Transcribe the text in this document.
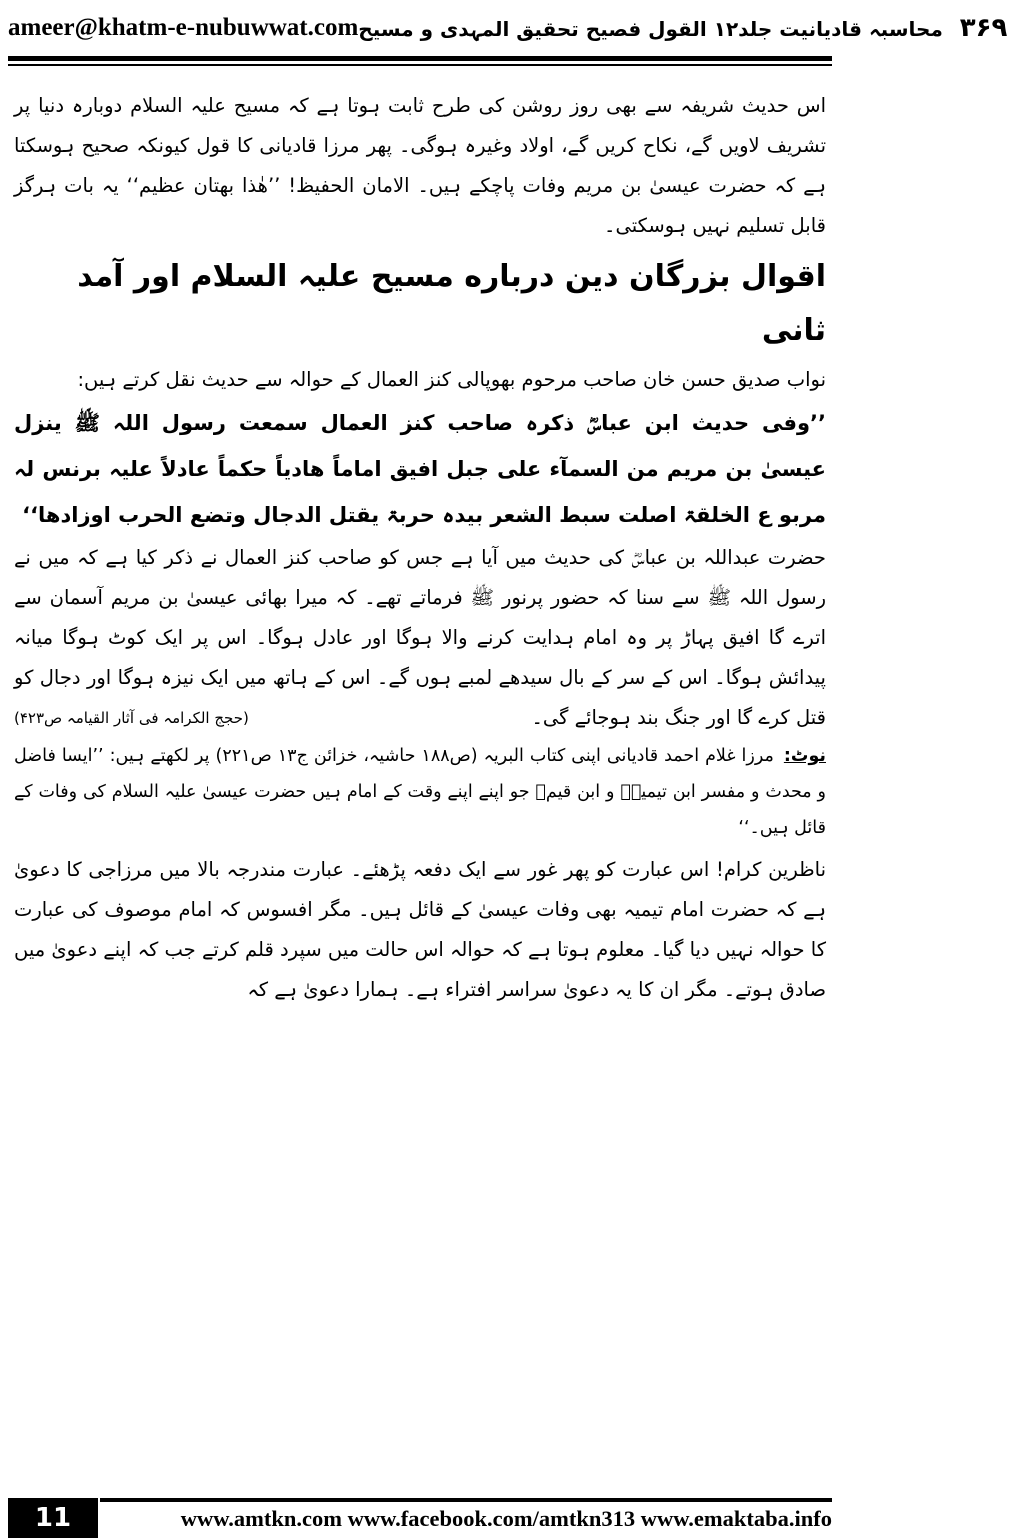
ameer@khatm-e-nubuwwat.com	۳۶۹ محاسبہ قادیانیت جلد۱۲ القول فصیح تحقیق المہدی و مسیح

اس حدیث شریفہ سے بھی روز روشن کی طرح ثابت ہوتا ہے کہ مسیح علیہ السلام دوبارہ دنیا پر تشریف لاویں گے، نکاح کریں گے، اولاد وغیرہ ہوگی۔ پھر مرزا قادیانی کا قول کیونکہ صحیح ہوسکتا ہے کہ حضرت عیسیٰ بن مریم وفات پاچکے ہیں۔ الامان الحفیظ! ’’ھٰذا بھتان عظیم‘‘ یہ بات ہرگز قابل تسلیم نہیں ہوسکتی۔

اقوال بزرگان دین درباره مسیح علیہ السلام اور آمد ثانی

نواب صدیق حسن خان صاحب مرحوم بھوپالی کنز العمال کے حوالہ سے حدیث نقل کرتے ہیں:

’’وفی حدیث ابن عباسؓ ذکرہ صاحب کنز العمال سمعت رسول اللہ ﷺ ینزل عیسیٰ بن مریم من السمآء علی جبل افیق اماماً ھادیاً حکماً عادلاً علیہ برنس لہ مربو ع الخلقۃ اصلت سبط الشعر بیدہ حربۃ یقتل الدجال وتضع الحرب اوزادھا‘‘

حضرت عبداللہ بن عباسؓ کی حدیث میں آیا ہے جس کو صاحب کنز العمال نے ذکر کیا ہے کہ میں نے رسول اللہ ﷺ سے سنا کہ حضور پرنور ﷺ فرماتے تھے۔ کہ میرا بھائی عیسیٰ بن مریم آسمان سے اترے گا افیق پہاڑ پر وہ امام ہدایت کرنے والا ہوگا اور عادل ہوگا۔ اس پر ایک کوٹ ہوگا میانہ پیدائش ہوگا۔ اس کے سر کے بال سیدھے لمبے ہوں گے۔ اس کے ہاتھ میں ایک نیزہ ہوگا اور دجال کو قتل کرے گا اور جنگ بند ہوجائے گی۔
(حجج الکرامہ فی آثار القیامہ ص۴۲۳)

نوٹ:مرزا غلام احمد قادیانی اپنی کتاب البریہ (ص۱۸۸ حاشیہ، خزائن ج۱۳ ص۲۲۱) پر لکھتے ہیں: ’’ایسا فاضل و محدث و مفسر ابن تیمیہؒ و ابن قیمؒ جو اپنے اپنے وقت کے امام ہیں حضرت عیسیٰ علیہ السلام کی وفات کے قائل ہیں۔‘‘

ناظرین کرام! اس عبارت کو پھر غور سے ایک دفعہ پڑھئے۔ عبارت مندرجہ بالا میں مرزاجی کا دعویٰ ہے کہ حضرت امام تیمیہ بھی وفات عیسیٰ کے قائل ہیں۔ مگر افسوس کہ امام موصوف کی عبارت کا حوالہ نہیں دیا گیا۔ معلوم ہوتا ہے کہ حوالہ اس حالت میں سپرد قلم کرتے جب کہ اپنے دعویٰ میں صادق ہوتے۔ مگر ان کا یہ دعویٰ سراسر افتراء ہے۔ ہمارا دعویٰ ہے کہ

11	www.amtkn.com www.facebook.com/amtkn313 www.emaktaba.info
